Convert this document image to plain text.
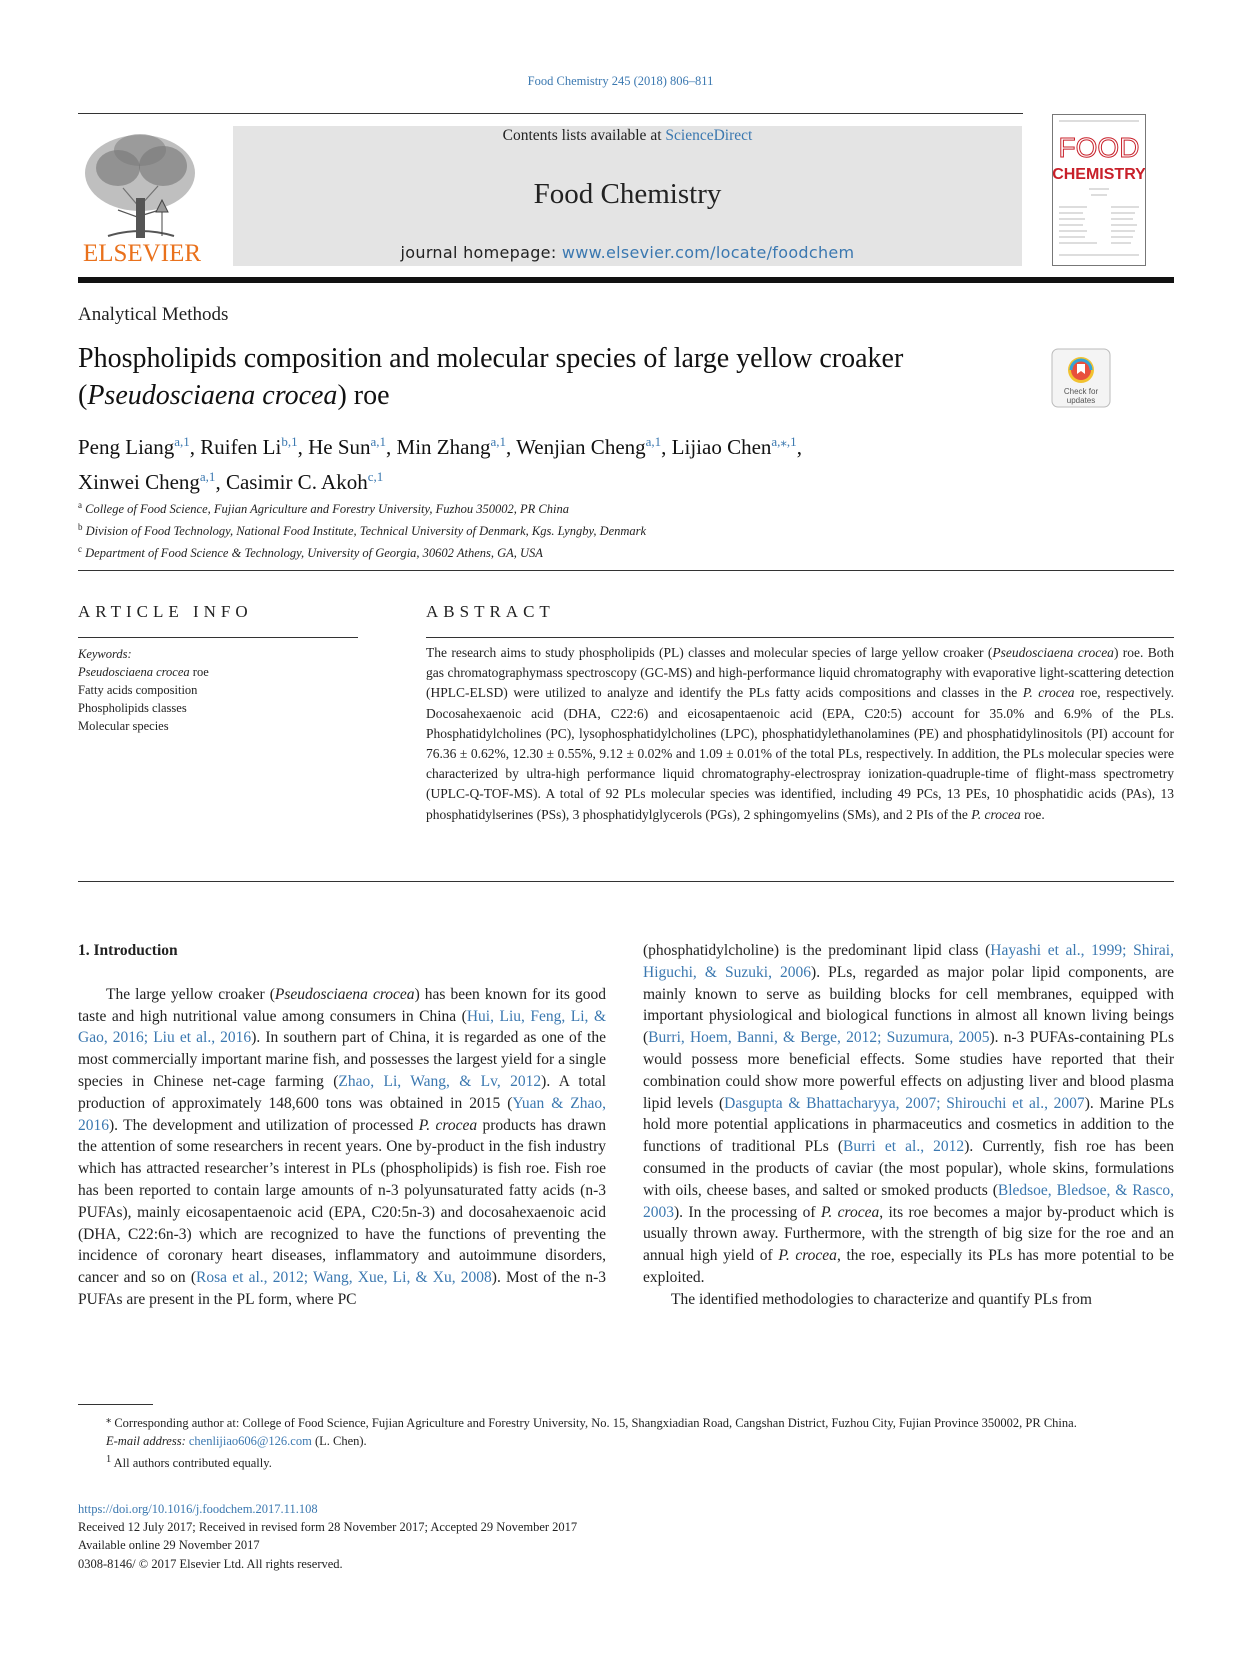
Food Chemistry 245 (2018) 806–811
ELSEVIER
Contents lists available at ScienceDirect
Food Chemistry
journal homepage: www.elsevier.com/locate/foodchem
FOOD
CHEMISTRY
Analytical Methods
Phospholipids composition and molecular species of large yellow croaker (Pseudosciaena crocea) roe	Check for
updates
Peng Liang$^{a,1}$, Ruifen Li$^{b,1}$, He Sun$^{a,1}$, Min Zhang$^{a,1}$, Wenjian Cheng$^{a,1}$, Lijiao Chen$^{a,⁎,1}$,
Xinwei Cheng$^{a,1}$, Casimir C. Akoh$^{c,1}$
$^a$ College of Food Science, Fujian Agriculture and Forestry University, Fuzhou 350002, PR China
$^b$ Division of Food Technology, National Food Institute, Technical University of Denmark, Kgs. Lyngby, Denmark
$^c$ Department of Food Science & Technology, University of Georgia, 30602 Athens, GA, USA
ARTICLE INFO
Keywords:
Pseudosciaena crocea roe
Fatty acids composition
Phospholipids classes
Molecular species
ABSTRACT
The research aims to study phospholipids (PL) classes and molecular species of large yellow croaker (Pseudosciaena crocea) roe. Both gas chromatographymass spectroscopy (GC-MS) and high-performance liquid chromatography with evaporative light-scattering detection (HPLC-ELSD) were utilized to analyze and identify the PLs fatty acids compositions and classes in the P. crocea roe, respectively. Docosahexaenoic acid (DHA, C22:6) and eicosapentaenoic acid (EPA, C20:5) account for 35.0% and 6.9% of the PLs. Phosphatidylcholines (PC), lysophosphatidylcholines (LPC), phosphatidylethanolamines (PE) and phosphatidylinositols (PI) account for 76.36 ± 0.62%, 12.30 ± 0.55%, 9.12 ± 0.02% and 1.09 ± 0.01% of the total PLs, respectively. In addition, the PLs molecular species were characterized by ultra-high performance liquid chromatography-electrospray ionization-quadruple-time of flight-mass spectrometry (UPLC-Q-TOF-MS). A total of 92 PLs molecular species was identified, including 49 PCs, 13 PEs, 10 phosphatidic acids (PAs), 13 phosphatidylserines (PSs), 3 phosphatidylglycerols (PGs), 2 sphingomyelins (SMs), and 2 PIs of the P. crocea roe.

1. Introduction

The large yellow croaker (Pseudosciaena crocea) has been known for its good taste and high nutritional value among consumers in China (Hui, Liu, Feng, Li, & Gao, 2016; Liu et al., 2016). In southern part of China, it is regarded as one of the most commercially important marine fish, and possesses the largest yield for a single species in Chinese net-cage farming (Zhao, Li, Wang, & Lv, 2012). A total production of approximately 148,600 tons was obtained in 2015 (Yuan & Zhao, 2016). The development and utilization of processed P. crocea products has drawn the attention of some researchers in recent years. One by-product in the fish industry which has attracted researcher’s interest in PLs (phospholipids) is fish roe. Fish roe has been reported to contain large amounts of n-3 polyunsaturated fatty acids (n-3 PUFAs), mainly eicosapentaenoic acid (EPA, C20:5n-3) and docosahexaenoic acid (DHA, C22:6n-3) which are recognized to have the functions of preventing the incidence of coronary heart diseases, inflammatory and autoimmune disorders, cancer and so on (Rosa et al., 2012; Wang, Xue, Li, & Xu, 2008). Most of the n-3 PUFAs are present in the PL form, where PC

(phosphatidylcholine) is the predominant lipid class (Hayashi et al., 1999; Shirai, Higuchi, & Suzuki, 2006). PLs, regarded as major polar lipid components, are mainly known to serve as building blocks for cell membranes, equipped with important physiological and biological functions in almost all known living beings (Burri, Hoem, Banni, & Berge, 2012; Suzumura, 2005). n-3 PUFAs-containing PLs would possess more beneficial effects. Some studies have reported that their combination could show more powerful effects on adjusting liver and blood plasma lipid levels (Dasgupta & Bhattacharyya, 2007; Shirouchi et al., 2007). Marine PLs hold more potential applications in pharmaceutics and cosmetics in addition to the functions of traditional PLs (Burri et al., 2012). Currently, fish roe has been consumed in the products of caviar (the most popular), whole skins, formulations with oils, cheese bases, and salted or smoked products (Bledsoe, Bledsoe, & Rasco, 2003). In the processing of P. crocea, its roe becomes a major by-product which is usually thrown away. Furthermore, with the strength of big size for the roe and an annual high yield of P. crocea, the roe, especially its PLs has more potential to be exploited.

The identified methodologies to characterize and quantify PLs from

⁎ Corresponding author at: College of Food Science, Fujian Agriculture and Forestry University, No. 15, Shangxiadian Road, Cangshan District, Fuzhou City, Fujian Province 350002, PR China.

E-mail address: chenlijiao606@126.com (L. Chen).

$^1$ All authors contributed equally.

https://doi.org/10.1016/j.foodchem.2017.11.108
Received 12 July 2017; Received in revised form 28 November 2017; Accepted 29 November 2017
Available online 29 November 2017
0308-8146/ © 2017 Elsevier Ltd. All rights reserved.
